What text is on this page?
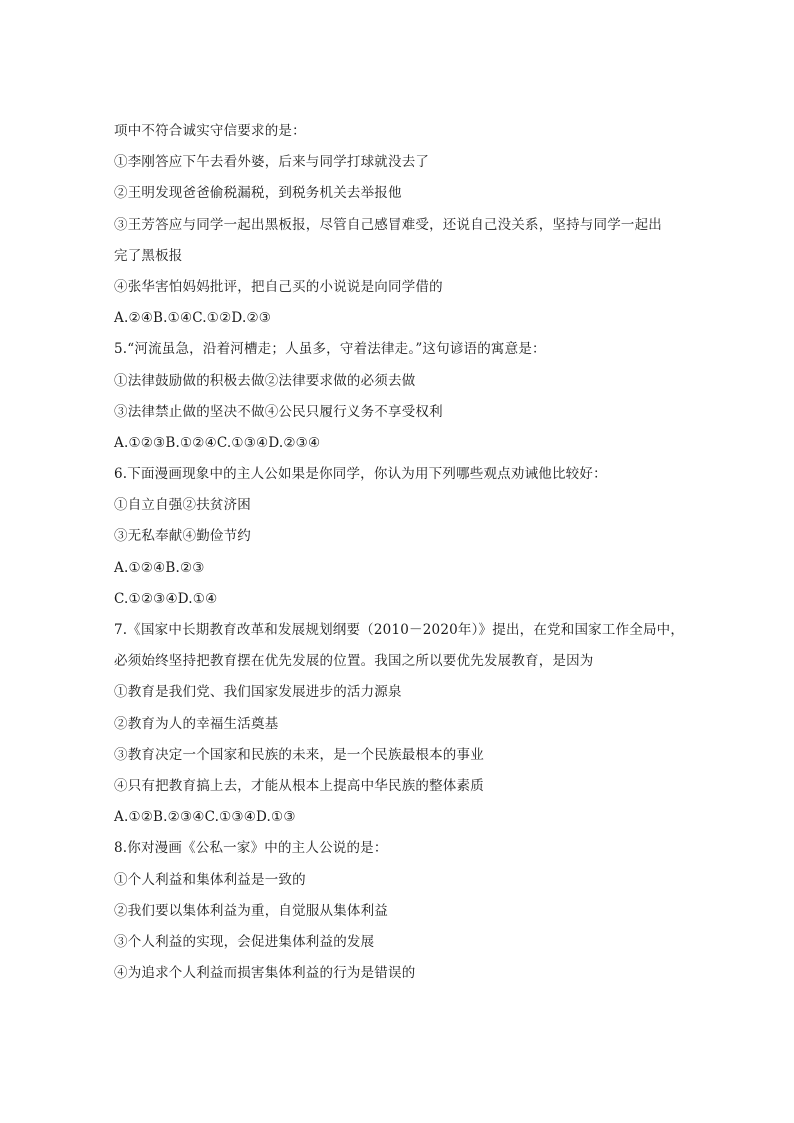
项中不符合诚实守信要求的是：
①李刚答应下午去看外婆，后来与同学打球就没去了
②王明发现爸爸偷税漏税，到税务机关去举报他
③王芳答应与同学一起出黑板报，尽管自己感冒难受，还说自己没关系，坚持与同学一起出
完了黑板报
④张华害怕妈妈批评，把自己买的小说说是向同学借的
A.②④B.①④C.①②D.②③
5.“河流虽急，沿着河槽走；人虽多，守着法律走。”这句谚语的寓意是：
①法律鼓励做的积极去做②法律要求做的必须去做
③法律禁止做的坚决不做④公民只履行义务不享受权利
A.①②③B.①②④C.①③④D.②③④
6.下面漫画现象中的主人公如果是你同学，你认为用下列哪些观点劝诫他比较好：
①自立自强②扶贫济困
③无私奉献④勤俭节约
A.①②④B.②③
C.①②③④D.①④
7.《国家中长期教育改革和发展规划纲要（2010－2020年）》提出，在党和国家工作全局中，
必须始终坚持把教育摆在优先发展的位置。我国之所以要优先发展教育，是因为
①教育是我们党、我们国家发展进步的活力源泉
②教育为人的幸福生活奠基
③教育决定一个国家和民族的未来，是一个民族最根本的事业
④只有把教育搞上去，才能从根本上提高中华民族的整体素质
A.①②B.②③④C.①③④D.①③
8.你对漫画《公私一家》中的主人公说的是：
①个人利益和集体利益是一致的
②我们要以集体利益为重，自觉服从集体利益
③个人利益的实现，会促进集体利益的发展
④为追求个人利益而损害集体利益的行为是错误的
